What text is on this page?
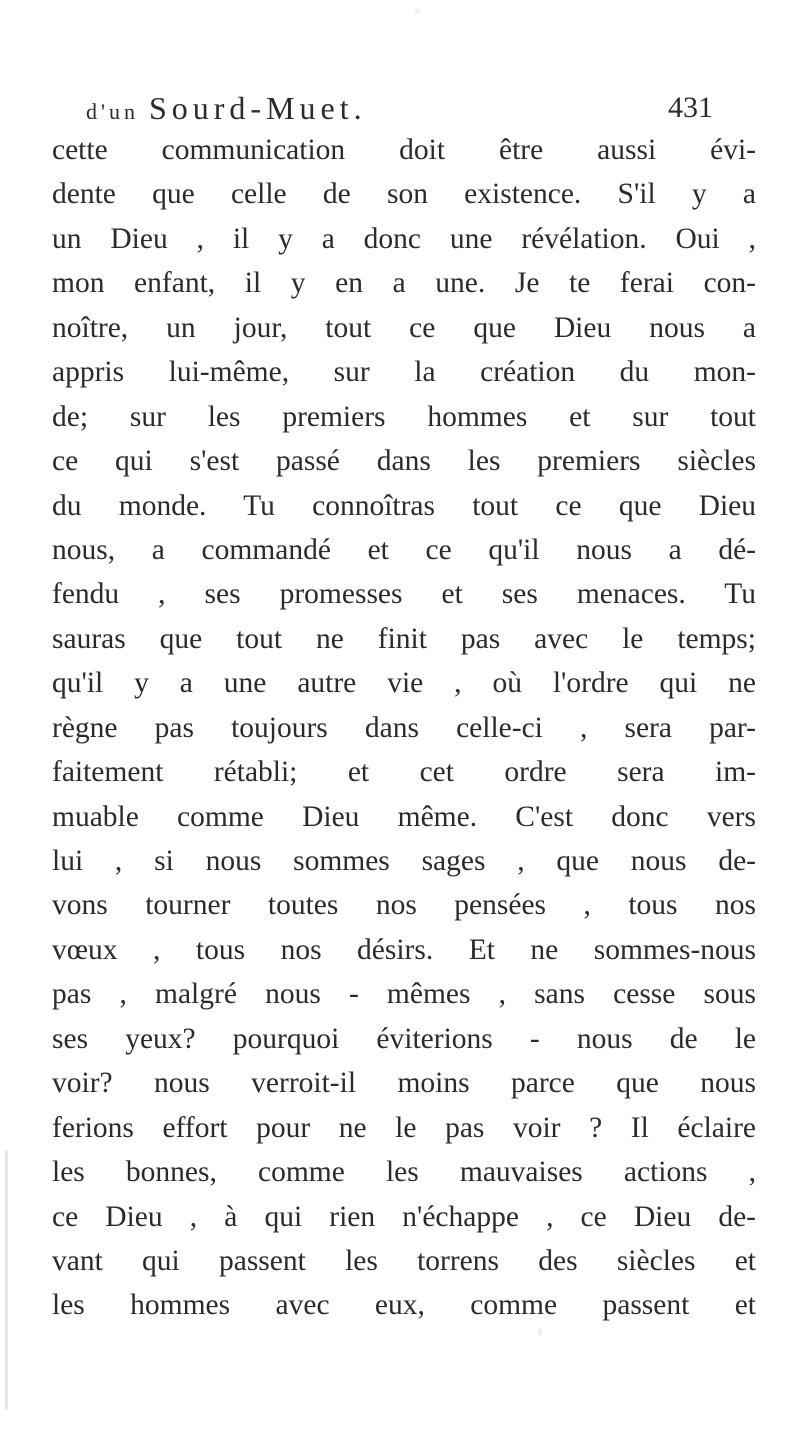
d'un Sourd-Muet.	431
cette communication doit être aussi évi-
dente que celle de son existence. S'il y a
un Dieu , il y a donc une révélation. Oui ,
mon enfant, il y en a une. Je te ferai con-
noître, un jour, tout ce que Dieu nous a
appris lui-même, sur la création du mon-
de; sur les premiers hommes et sur tout
ce qui s'est passé dans les premiers siècles
du monde. Tu connoîtras tout ce que Dieu
nous, a commandé et ce qu'il nous a dé-
fendu , ses promesses et ses menaces. Tu
sauras que tout ne finit pas avec le temps;
qu'il y a une autre vie , où l'ordre qui ne
règne pas toujours dans celle-ci , sera par-
faitement rétabli; et cet ordre sera im-
muable comme Dieu même. C'est donc vers
lui , si nous sommes sages , que nous de-
vons tourner toutes nos pensées , tous nos
vœux , tous nos désirs. Et ne sommes-nous
pas , malgré nous - mêmes , sans cesse sous
ses yeux? pourquoi éviterions - nous de le
voir? nous verroit-il moins parce que nous
ferions effort pour ne le pas voir ? Il éclaire
les bonnes, comme les mauvaises actions ,
ce Dieu , à qui rien n'échappe , ce Dieu de-
vant qui passent les torrens des siècles et
les hommes avec eux, comme passent et
